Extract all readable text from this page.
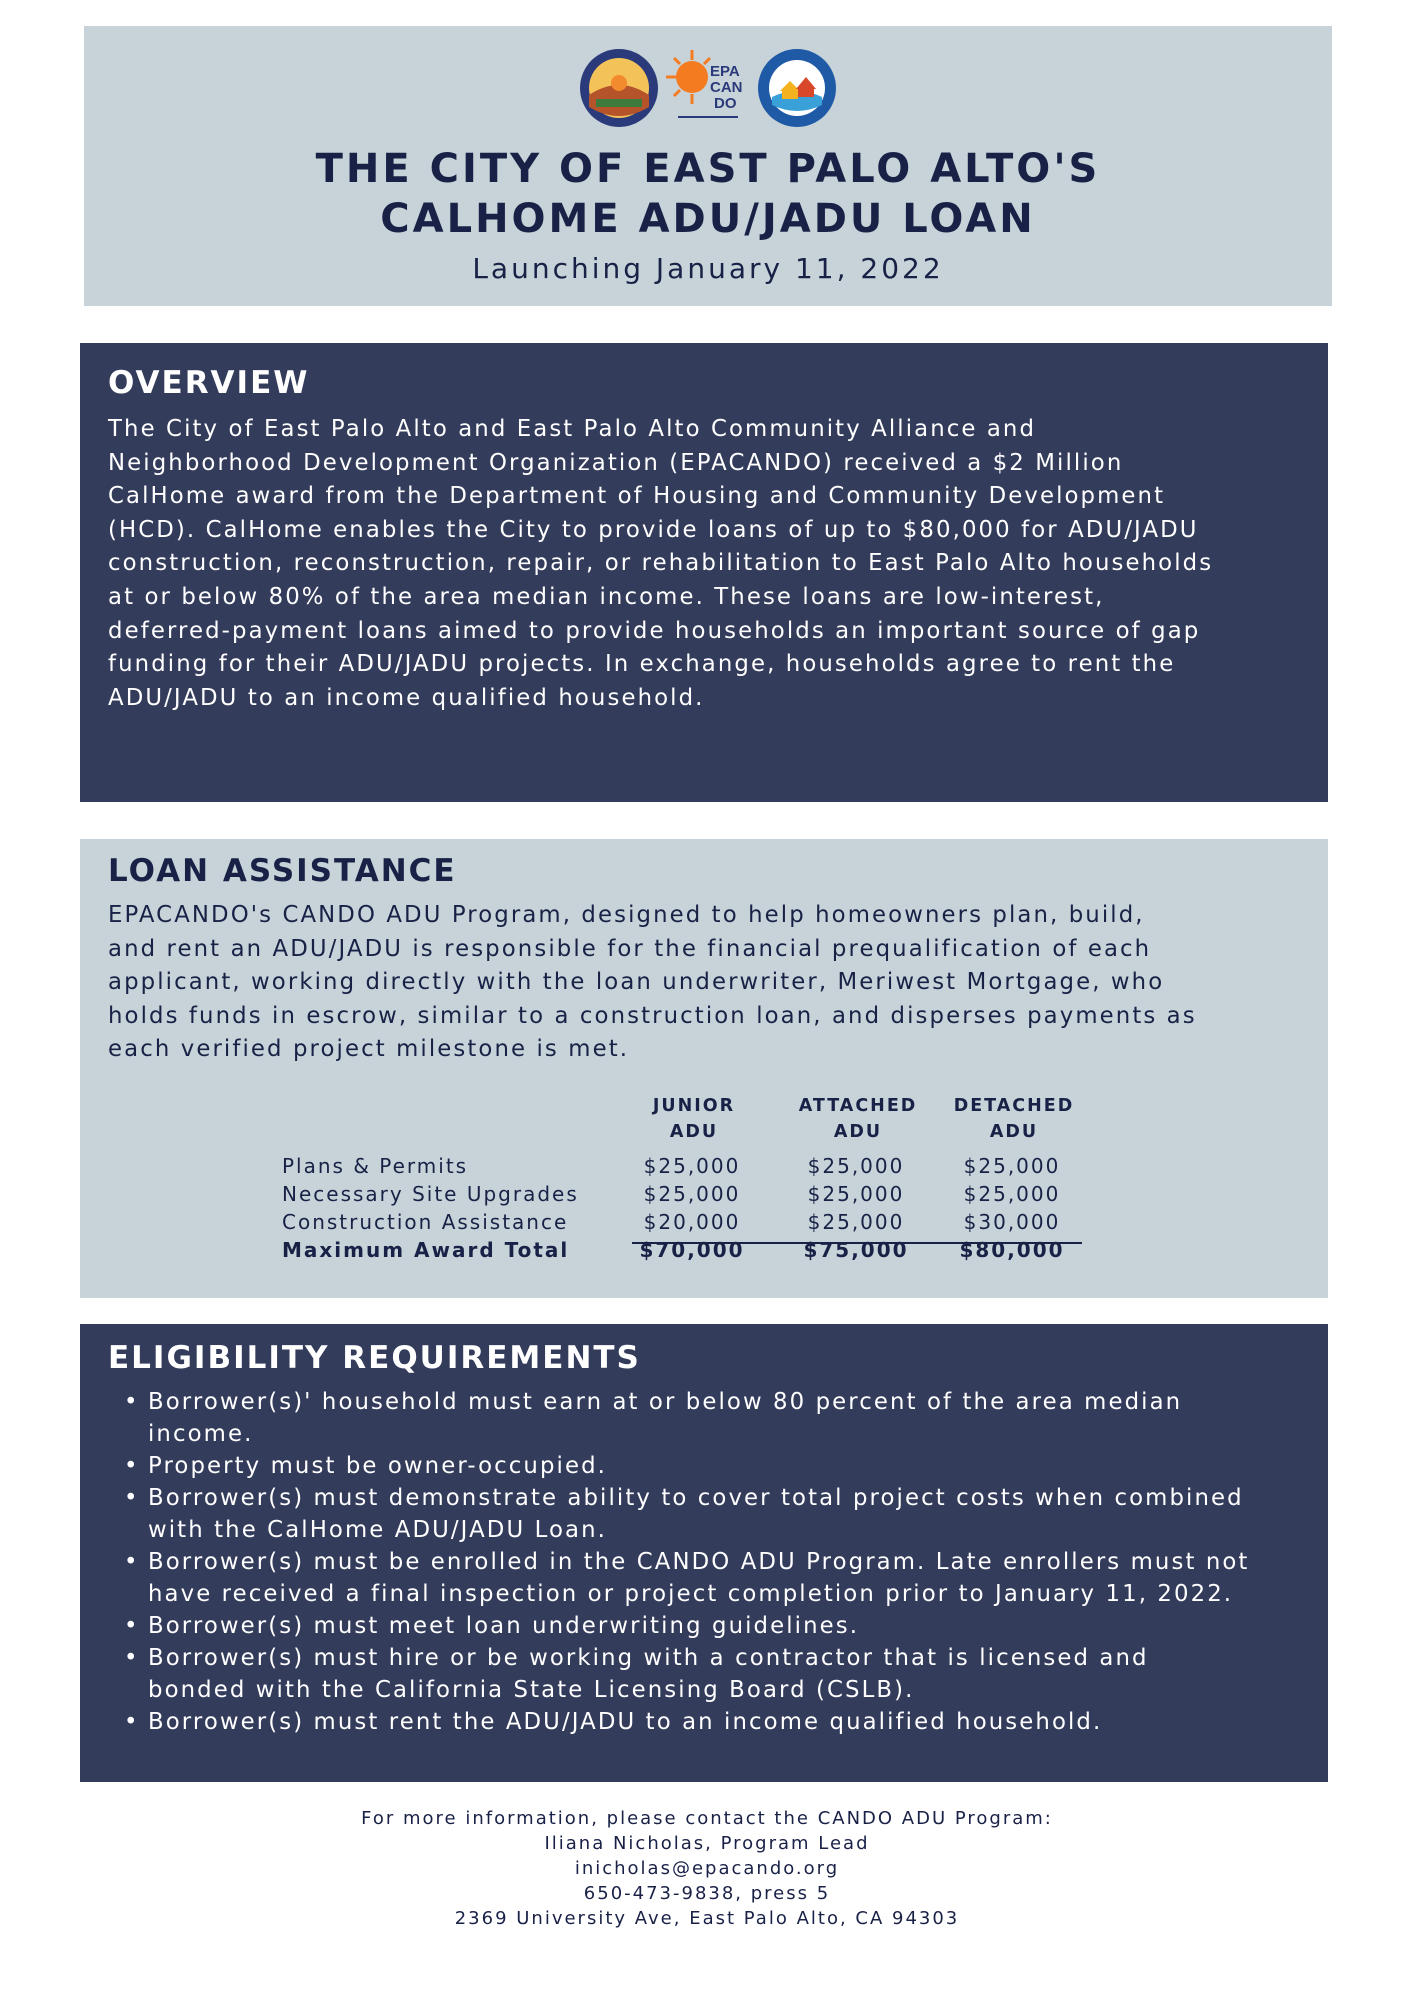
EPA
CAN
DO
THE CITY OF EAST PALO ALTO'S
CALHOME ADU/JADU LOAN
Launching January 11, 2022
OVERVIEW
The City of East Palo Alto and East Palo Alto Community Alliance and
Neighborhood Development Organization (EPACANDO) received a $2 Million
CalHome award from the Department of Housing and Community Development
(HCD). CalHome enables the City to provide loans of up to $80,000 for ADU/JADU
construction, reconstruction, repair, or rehabilitation to East Palo Alto households
at or below 80% of the area median income. These loans are low-interest,
deferred-payment loans aimed to provide households an important source of gap
funding for their ADU/JADU projects. In exchange, households agree to rent the
ADU/JADU to an income qualified household.
LOAN ASSISTANCE
EPACANDO's CANDO ADU Program, designed to help homeowners plan, build,
and rent an ADU/JADU is responsible for the financial prequalification of each
applicant, working directly with the loan underwriter, Meriwest Mortgage, who
holds funds in escrow, similar to a construction loan, and disperses payments as
each verified project milestone is met.
JUNIOR
ADU
ATTACHED
ADU
DETACHED
ADU
Plans & Permits	$25,000	$25,000	$25,000
Necessary Site Upgrades	$25,000	$25,000	$25,000
Construction Assistance	$20,000	$25,000	$30,000
Maximum Award Total	$70,000	$75,000	$80,000
ELIGIBILITY REQUIREMENTS
• Borrower(s)' household must earn at or below 80 percent of the area median
income.
• Property must be owner-occupied.
• Borrower(s) must demonstrate ability to cover total project costs when combined
with the CalHome ADU/JADU Loan.
• Borrower(s) must be enrolled in the CANDO ADU Program. Late enrollers must not
have received a final inspection or project completion prior to January 11, 2022.
• Borrower(s) must meet loan underwriting guidelines.
• Borrower(s) must hire or be working with a contractor that is licensed and
bonded with the California State Licensing Board (CSLB).
• Borrower(s) must rent the ADU/JADU to an income qualified household.
For more information, please contact the CANDO ADU Program:
Iliana Nicholas, Program Lead
inicholas@epacando.org
650-473-9838, press 5
2369 University Ave, East Palo Alto, CA 94303
